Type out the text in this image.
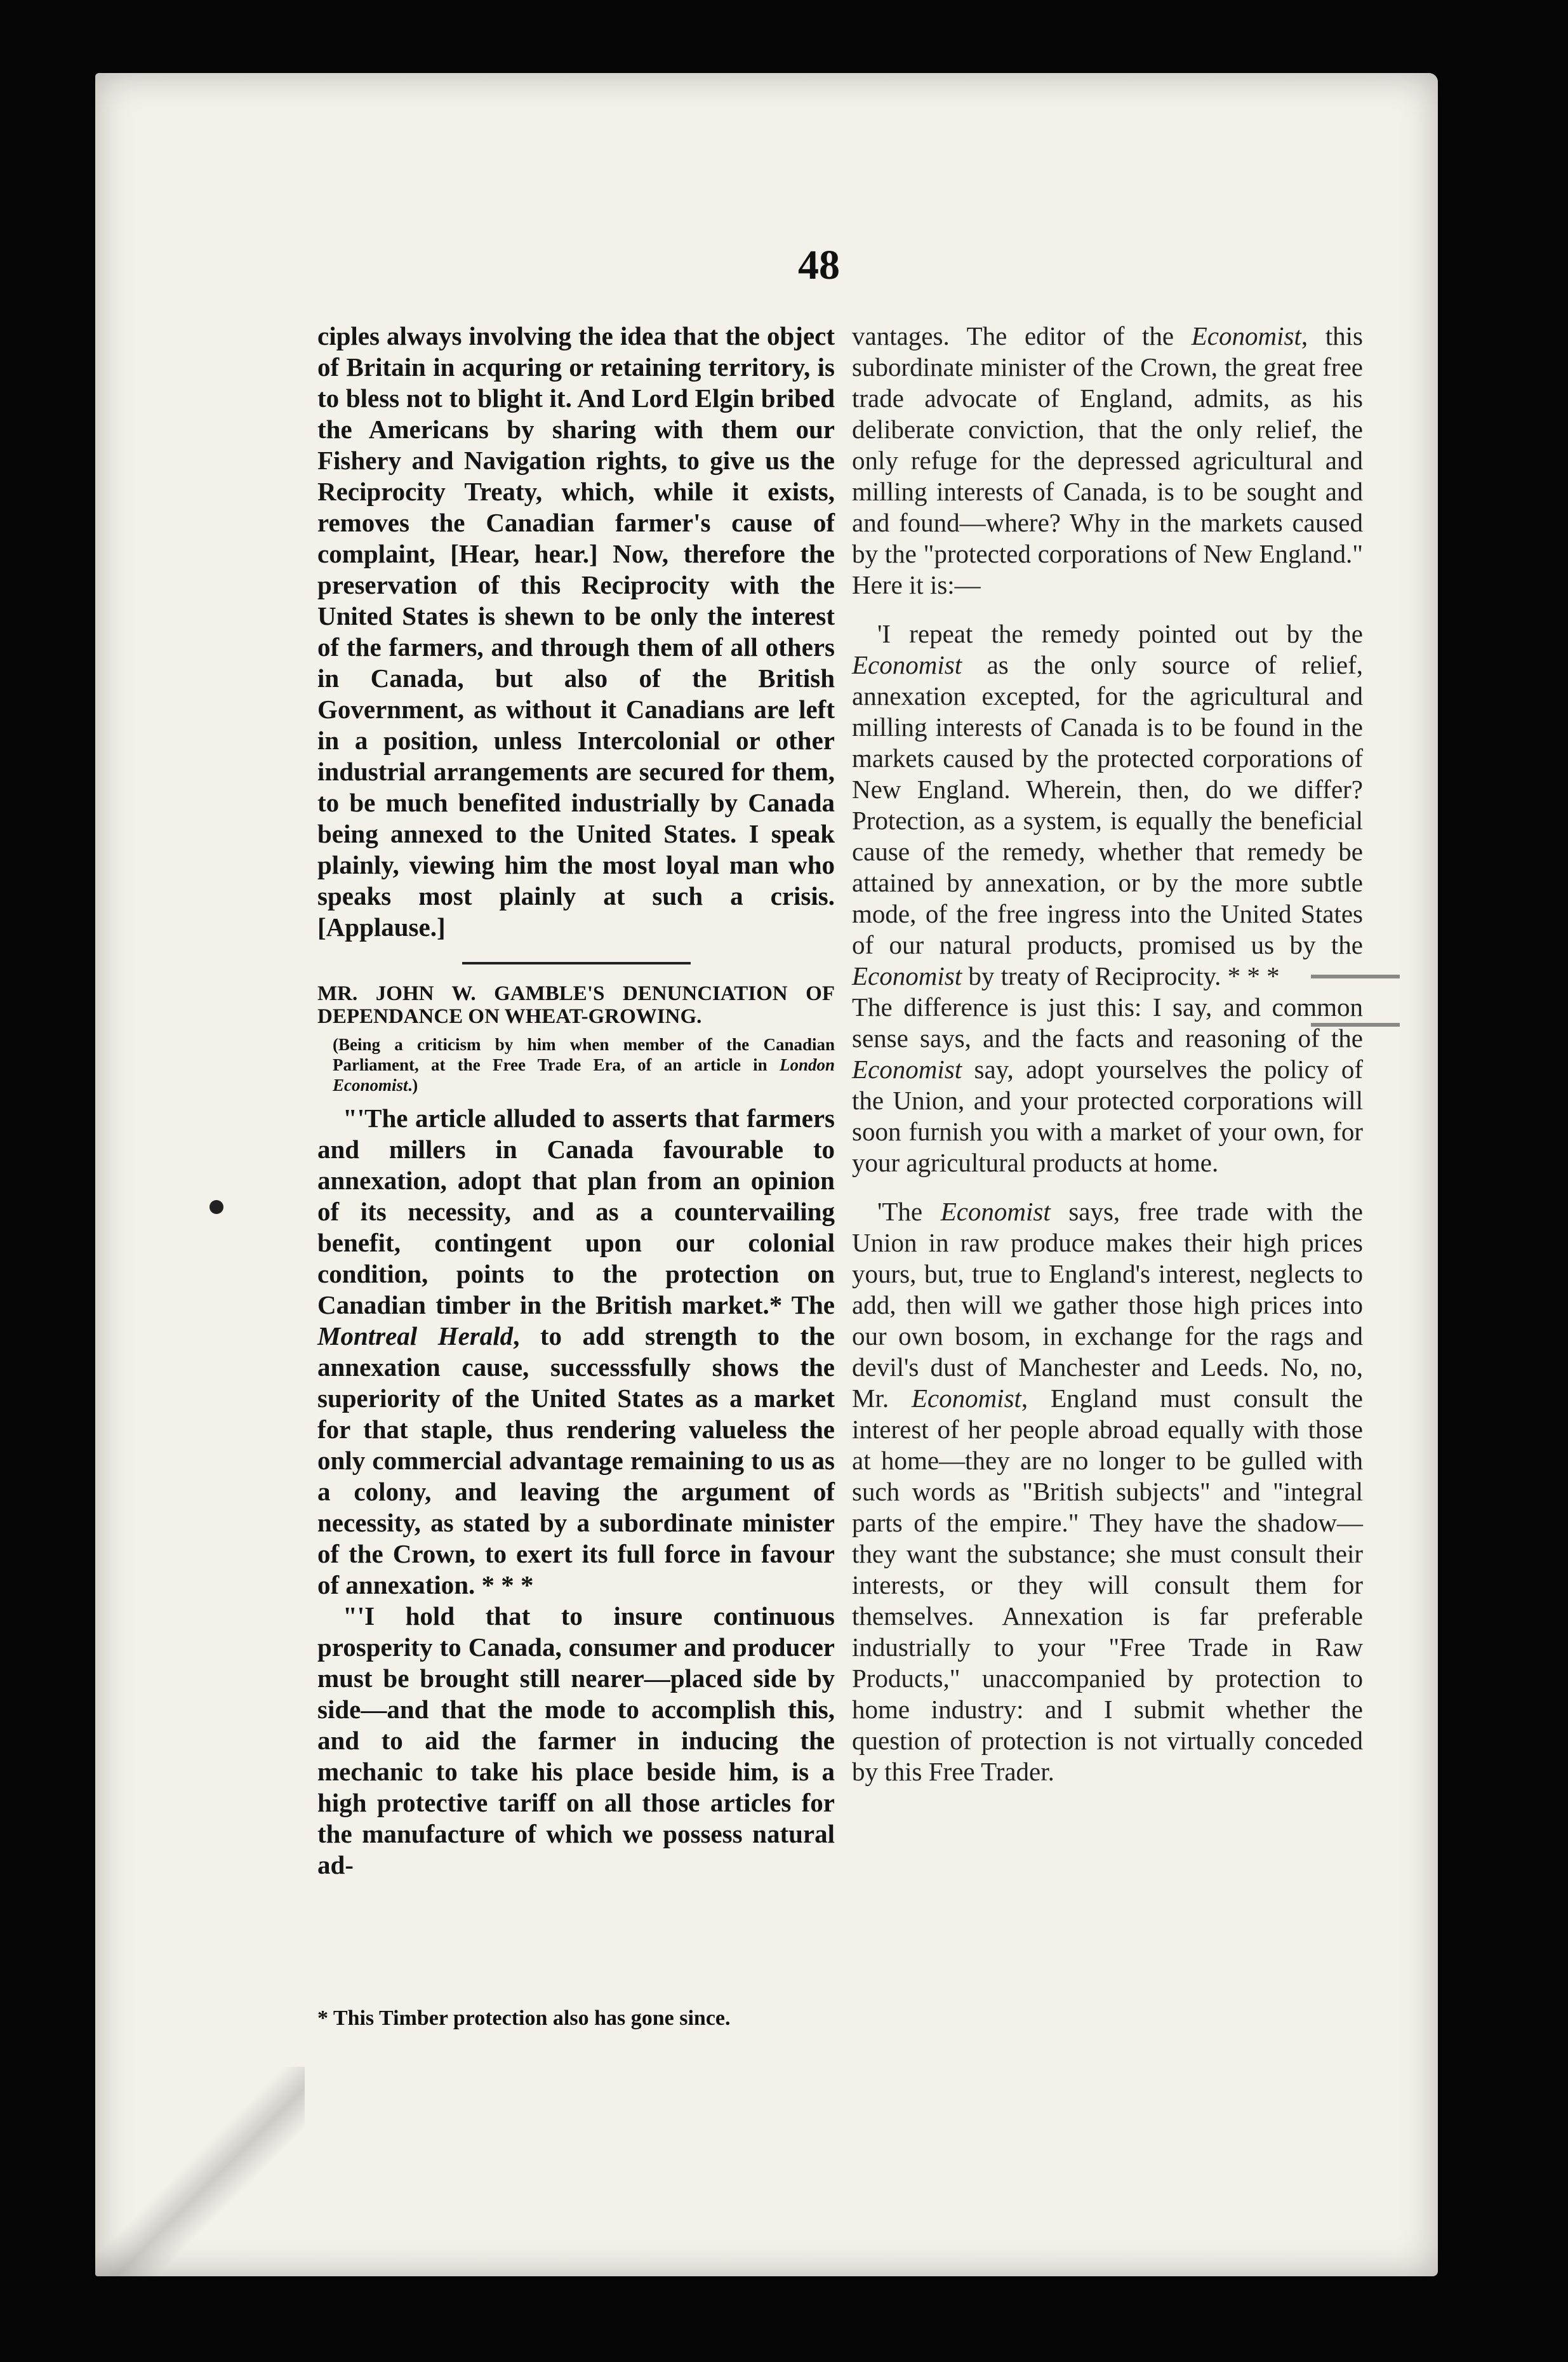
48

ciples always involving the idea that the object of Britain in acquring or retaining territory, is to bless not to blight it. And Lord Elgin bribed the Americans by sharing with them our Fishery and Navigation rights, to give us the Reciprocity Treaty, which, while it exists, removes the Canadian farmer's cause of complaint, [Hear, hear.] Now, therefore the preservation of this Reciprocity with the United States is shewn to be only the interest of the farmers, and through them of all others in Canada, but also of the British Government, as without it Canadians are left in a position, unless Intercolonial or other industrial arrangements are secured for them, to be much benefited industrially by Canada being annexed to the United States. I speak plainly, viewing him the most loyal man who speaks most plainly at such a crisis. [Applause.]

MR. JOHN W. GAMBLE'S DENUNCIATION OF DEPENDANCE ON WHEAT-GROWING.

(Being a criticism by him when member of the Canadian Parliament, at the Free Trade Era, of an article in London Economist.)

"'The article alluded to asserts that farmers and millers in Canada favourable to annexation, adopt that plan from an opinion of its necessity, and as a countervailing benefit, contingent upon our colonial condition, points to the protection on Canadian timber in the British market.* The Montreal Herald, to add strength to the annexation cause, successsfully shows the superiority of the United States as a market for that staple, thus rendering valueless the only commercial advantage remaining to us as a colony, and leaving the argument of necessity, as stated by a subordinate minister of the Crown, to exert its full force in favour of annexation. * * *

"'I hold that to insure continuous prosperity to Canada, consumer and producer must be brought still nearer—placed side by side—and that the mode to accomplish this, and to aid the farmer in inducing the mechanic to take his place beside him, is a high protective tariff on all those articles for the manufacture of which we possess natural ad-

vantages. The editor of the Economist, this subordinate minister of the Crown, the great free trade advocate of England, admits, as his deliberate conviction, that the only relief, the only refuge for the depressed agricultural and milling interests of Canada, is to be sought and and found—where? Why in the markets caused by the "protected corporations of New England." Here it is:—

'I repeat the remedy pointed out by the Economist as the only source of relief, annexation excepted, for the agricultural and milling interests of Canada is to be found in the markets caused by the protected corporations of New England. Wherein, then, do we differ? Protection, as a system, is equally the beneficial cause of the remedy, whether that remedy be attained by annexation, or by the more subtle mode, of the free ingress into the United States of our natural products, promised us by the Economist by treaty of Reciprocity. * * *

The difference is just this: I say, and common sense says, and the facts and reasoning of the Economist say, adopt yourselves the policy of the Union, and your protected corporations will soon furnish you with a market of your own, for your agricultural products at home.

'The Economist says, free trade with the Union in raw produce makes their high prices yours, but, true to England's interest, neglects to add, then will we gather those high prices into our own bosom, in exchange for the rags and devil's dust of Manchester and Leeds. No, no, Mr. Economist, England must consult the interest of her people abroad equally with those at home—they are no longer to be gulled with such words as "British subjects" and "integral parts of the empire." They have the shadow—they want the substance; she must consult their interests, or they will consult them for themselves. Annexation is far preferable industrially to your "Free Trade in Raw Products," unaccompanied by protection to home industry: and I submit whether the question of protection is not virtually conceded by this Free Trader.

* This Timber protection also has gone since.
